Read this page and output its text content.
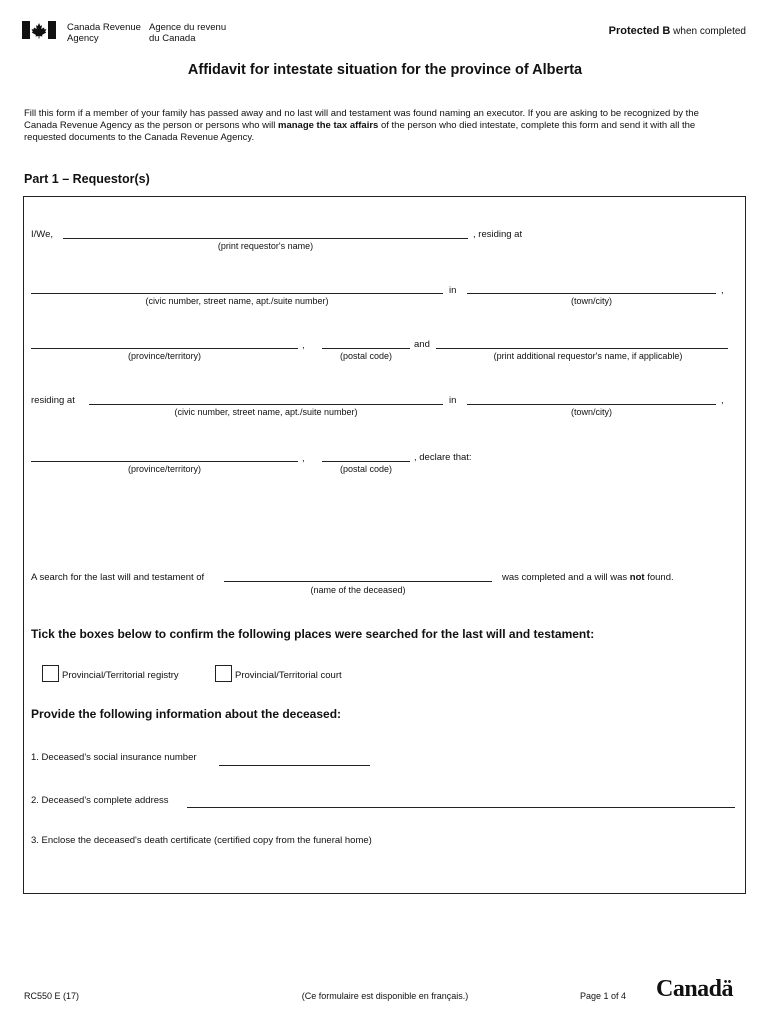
Canada Revenue
Agency
Agence du revenu
du Canada
Protected B when completed
Affidavit for intestate situation for the province of Alberta
Fill this form if a member of your family has passed away and no last will and testament was found naming an executor. If you are asking to be recognized by the Canada Revenue Agency as the person or persons who will manage the tax affairs of the person who died intestate, complete this form and send it with all the requested documents to the Canada Revenue Agency.
Part 1 – Requestor(s)
I/We,	, residing at
(print requestor's name)
in	,
(civic number, street name, apt./suite number)	(town/city)
,	and
(province/territory)	(postal code)	(print additional requestor's name, if applicable)
residing at	in	,
(civic number, street name, apt./suite number)	(town/city)
,	, declare that:
(province/territory)	(postal code)
A search for the last will and testament of	was completed and a will was not found.
(name of the deceased)
Tick the boxes below to confirm the following places were searched for the last will and testament:
Provincial/Territorial registry	Provincial/Territorial court
Provide the following information about the deceased:
1. Deceased's social insurance number
2. Deceased's complete address
3. Enclose the deceased's death certificate (certified copy from the funeral home)
RC550 E (17)	(Ce formulaire est disponible en français.)	Page 1 of 4 Canadä
